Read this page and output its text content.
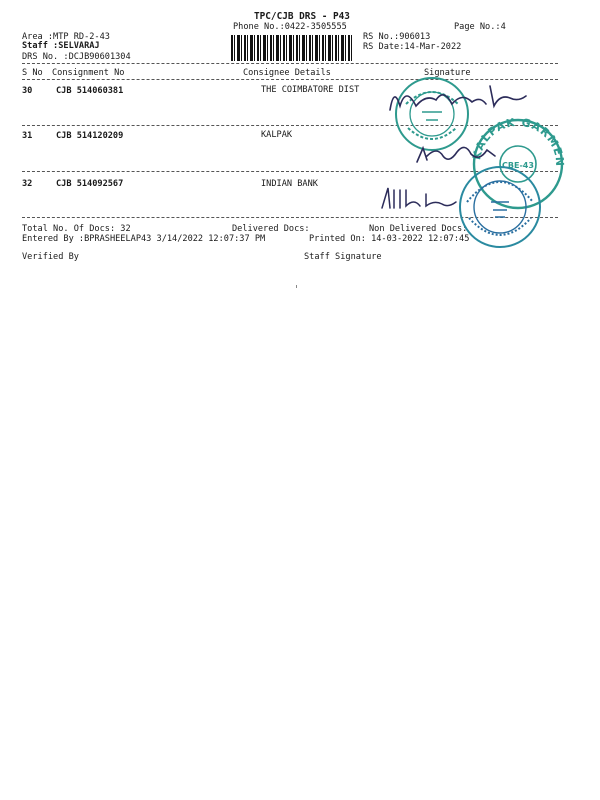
TPC/CJB DRS - P43
Phone No.:0422-3505555	Page No.:4
Area :MTP RD-2-43
Staff :SELVARAJ
DRS No. :DCJB90601304
RS No.:906013
RS Date:14-Mar-2022
S No Consignment No	Consignee Details	Signature
30	CJB 514060381	THE COIMBATORE DIST
31	CJB 514120209	KALPAK
32	CJB 514092567	INDIAN BANK
Total No. Of Docs: 32	Delivered Docs:	Non Delivered Docs:
Entered By :BPRASHEELAP43 3/14/2022 12:07:37 PM	Printed On: 14-03-2022 12:07:45
Verified By	Staff Signature
KALPAK GARMENTS
CBE-43
